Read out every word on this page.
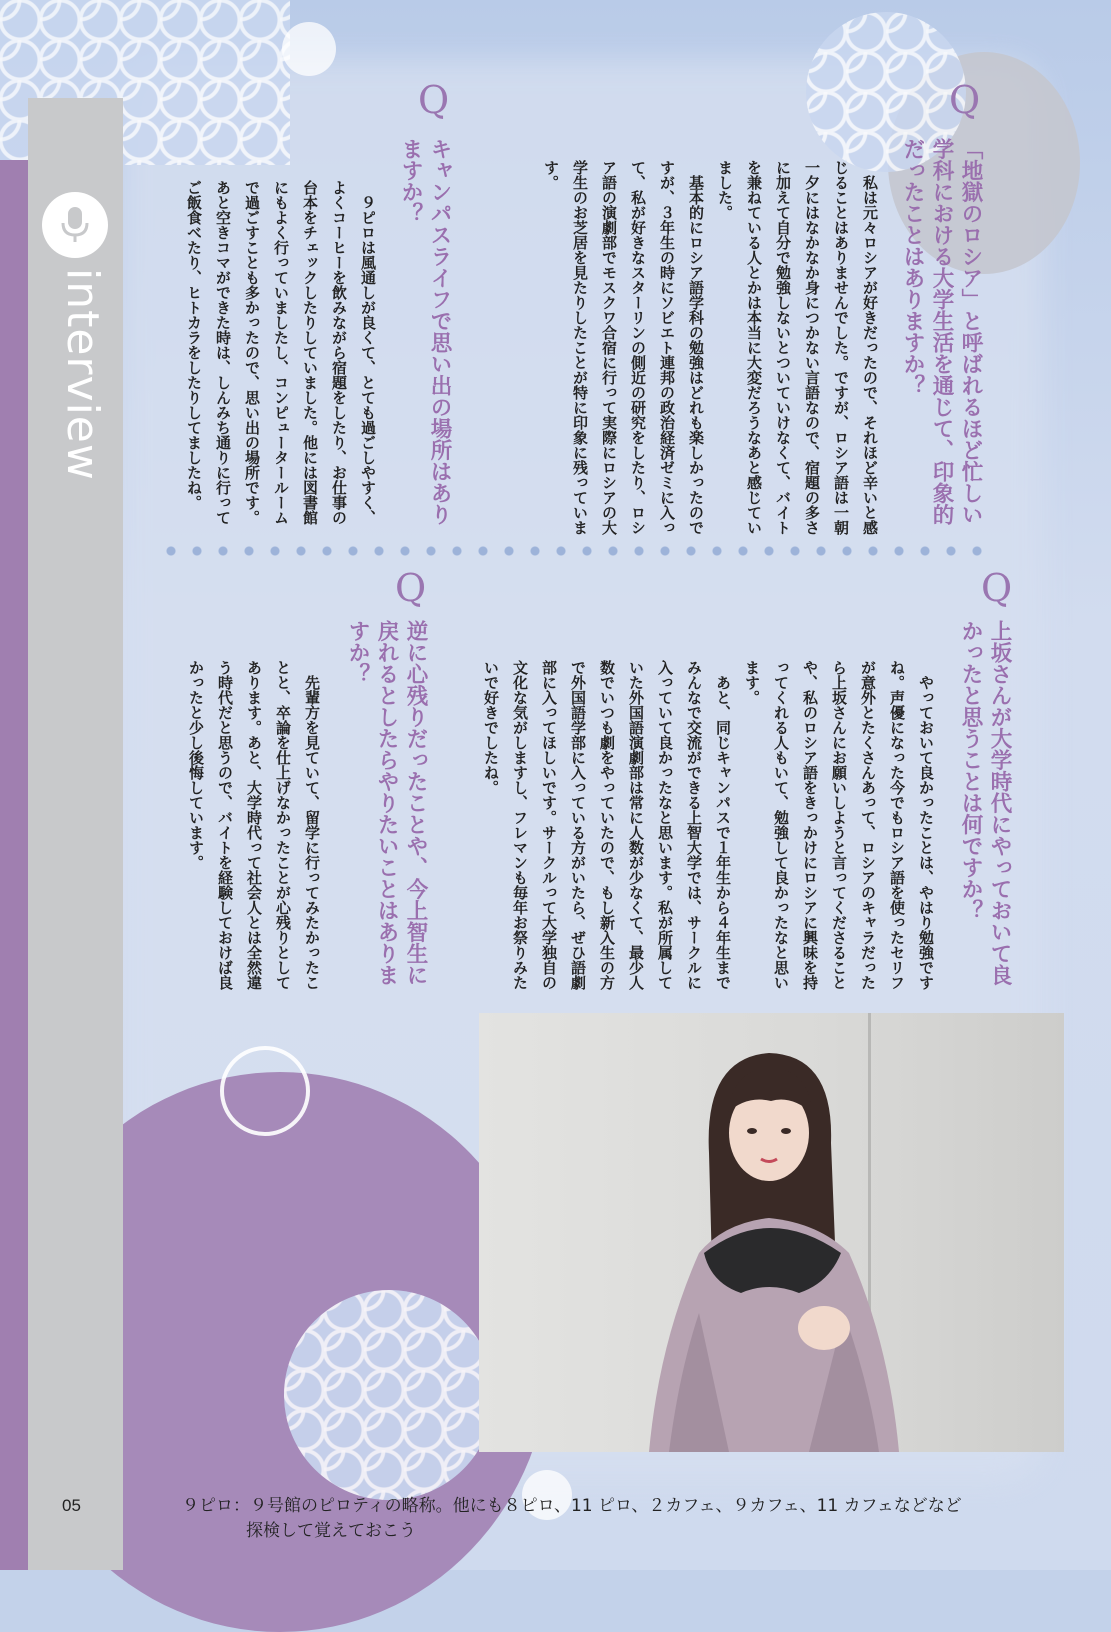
interview
Q
Q
Q
Q
「地獄のロシア」と呼ばれるほど忙しい学科における大学生活を通じて、印象的だったことはありますか？
　私は元々ロシアが好きだったので、それほど辛いと感じることはありませんでした。ですが、ロシア語は一朝一夕にはなかなか身につかない言語なので、宿題の多さに加えて自分で勉強しないとついていけなくて、バイトを兼ねている人とかは本当に大変だろうなあと感じていました。
　基本的にロシア語学科の勉強はどれも楽しかったのですが、３年生の時にソビエト連邦の政治経済ゼミに入って、私が好きなスターリンの側近の研究をしたり、ロシア語の演劇部でモスクワ合宿に行って実際にロシアの大学生のお芝居を見たりしたことが特に印象に残っています。
キャンパスライフで思い出の場所はありますか？
　９ピロは風通しが良くて、とても過ごしやすく、よくコーヒーを飲みながら宿題をしたり、お仕事の台本をチェックしたりしていました。他には図書館にもよく行っていましたし、コンピュータールームで過ごすことも多かったので、思い出の場所です。あと空きコマができた時は、しんみち通りに行ってご飯食べたり、ヒトカラをしたりしてましたね。
上坂さんが大学時代にやっておいて良かったと思うことは何ですか？
　やっておいて良かったことは、やはり勉強ですね。声優になった今でもロシア語を使ったセリフが意外とたくさんあって、ロシアのキャラだったら上坂さんにお願いしようと言ってくださることや、私のロシア語をきっかけにロシアに興味を持ってくれる人もいて、勉強して良かったなと思います。
　あと、同じキャンパスで１年生から４年生までみんなで交流ができる上智大学では、サークルに入っていて良かったなと思います。私が所属していた外国語演劇部は常に人数が少なくて、最少人数でいつも劇をやっていたので、もし新入生の方で外国語学部に入っている方がいたら、ぜひ語劇部に入ってほしいです。サークルって大学独自の文化な気がしますし、フレマンも毎年お祭りみたいで好きでしたね。
逆に心残りだったことや、今上智生に戻れるとしたらやりたいことはありますか？
　先輩方を見ていて、留学に行ってみたかったことと、卒論を仕上げなかったことが心残りとしてあります。あと、大学時代って社会人とは全然違う時代だと思うので、バイトを経験しておけば良かったと少し後悔しています。
05	９ピロ：９号館のピロティの略称。他にも８ピロ、11 ピロ、２カフェ、９カフェ、11 カフェなどなど
探検して覚えておこう
